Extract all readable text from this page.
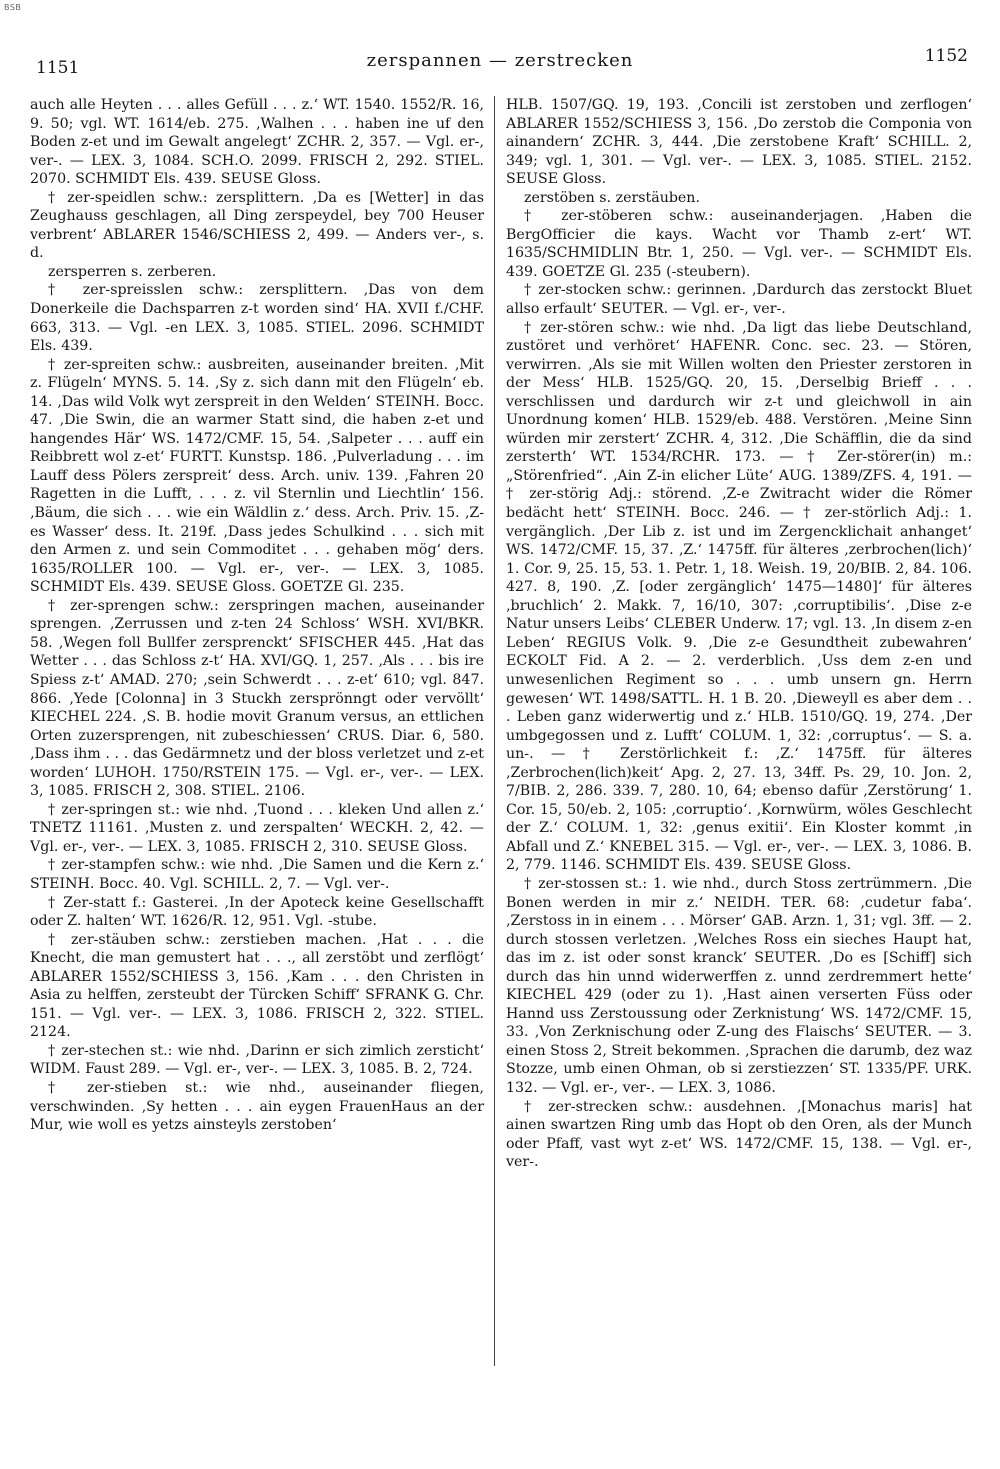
BSB
1151	zerspannen — zerstrecken	1152

auch alle Heyten . . . alles Gefüll . . . z.‘ WT. 1540. 1552/R. 16, 9. 50; vgl. WT. 1614/eb. 275. ‚Walhen . . . haben ine uf den Boden z-et und im Gewalt angelegt‘ ZCHR. 2, 357. — Vgl. er-, ver-. — LEX. 3, 1084. SCH.O. 2099. FRISCH 2, 292. STIEL. 2070. SCHMIDT Els. 439. SEUSE Gloss.

† zer-speidlen schw.: zersplittern. ‚Da es [Wetter] in das Zeughauss geschlagen, all Ding zerspeydel, bey 700 Heuser verbrent‘ ABLARER 1546/SCHIESS 2, 499. — Anders ver-, s. d.

zersperren s. zerberen.

† zer-spreisslen schw.: zersplittern. ‚Das von dem Donerkeile die Dachsparren z-t worden sind‘ HA. XVII f./CHF. 663, 313. — Vgl. -en LEX. 3, 1085. STIEL. 2096. SCHMIDT Els. 439.

† zer-spreiten schw.: ausbreiten, auseinander breiten. ‚Mit z. Flügeln‘ MYNS. 5. 14. ‚Sy z. sich dann mit den Flügeln‘ eb. 14. ‚Das wild Volk wyt zerspreit in den Welden‘ STEINH. Bocc. 47. ‚Die Swin, die an warmer Statt sind, die haben z-et und hangendes Här‘ WS. 1472/CMF. 15, 54. ‚Salpeter . . . auff ein Reibbrett wol z-et‘ FURTT. Kunstsp. 186. ‚Pulverladung . . . im Lauff dess Pölers zerspreit‘ dess. Arch. univ. 139. ‚Fahren 20 Ragetten in die Lufft, . . . z. vil Sternlin und Liechtlin‘ 156. ‚Bäum, die sich . . . wie ein Wäldlin z.‘ dess. Arch. Priv. 15. ‚Z-es Wasser‘ dess. It. 219f. ‚Dass jedes Schulkind . . . sich mit den Armen z. und sein Commoditet . . . gehaben mög‘ ders. 1635/ROLLER 100. — Vgl. er-, ver-. — LEX. 3, 1085. SCHMIDT Els. 439. SEUSE Gloss. GOETZE Gl. 235.

† zer-sprengen schw.: zerspringen machen, auseinander sprengen. ‚Zerrussen und z-ten 24 Schloss‘ WSH. XVI/BKR. 58. ‚Wegen foll Bullfer zersprenckt‘ SFISCHER 445. ‚Hat das Wetter . . . das Schloss z-t‘ HA. XVI/GQ. 1, 257. ‚Als . . . bis ire Spiess z-t‘ AMAD. 270; ‚sein Schwerdt . . . z-et‘ 610; vgl. 847. 866. ‚Yede [Colonna] in 3 Stuckh zersprönngt oder vervöllt‘ KIECHEL 224. ‚S. B. hodie movit Granum versus, an ettlichen Orten zuzersprengen, nit zubeschiessen‘ CRUS. Diar. 6, 580. ‚Dass ihm . . . das Gedärmnetz und der bloss verletzet und z-et worden‘ LUHOH. 1750/RSTEIN 175. — Vgl. er-, ver-. — LEX. 3, 1085. FRISCH 2, 308. STIEL. 2106.

† zer-springen st.: wie nhd. ‚Tuond . . . kleken Und allen z.‘ TNETZ 11161. ‚Musten z. und zerspalten‘ WECKH. 2, 42. — Vgl. er-, ver-. — LEX. 3, 1085. FRISCH 2, 310. SEUSE Gloss.

† zer-stampfen schw.: wie nhd. ‚Die Samen und die Kern z.‘ STEINH. Bocc. 40. Vgl. SCHILL. 2, 7. — Vgl. ver-.

† Zer-statt f.: Gasterei. ‚In der Apoteck keine Gesellschafft oder Z. halten‘ WT. 1626/R. 12, 951. Vgl. -stube.

† zer-stäuben schw.: zerstieben machen. ‚Hat . . . die Knecht, die man gemustert hat . . ., all zerstöbt und zerflögt‘ ABLARER 1552/SCHIESS 3, 156. ‚Kam . . . den Christen in Asia zu helffen, zersteubt der Türcken Schiff‘ SFRANK G. Chr. 151. — Vgl. ver-. — LEX. 3, 1086. FRISCH 2, 322. STIEL. 2124.

† zer-stechen st.: wie nhd. ‚Darinn er sich zimlich zersticht‘ WIDM. Faust 289. — Vgl. er-, ver-. — LEX. 3, 1085. B. 2, 724.

† zer-stieben st.: wie nhd., auseinander fliegen, verschwinden. ‚Sy hetten . . . ain eygen FrauenHaus an der Mur, wie woll es yetzs ainsteyls zerstoben‘

HLB. 1507/GQ. 19, 193. ‚Concili ist zerstoben und zerflogen‘ ABLARER 1552/SCHIESS 3, 156. ‚Do zerstob die Componia von ainandern‘ ZCHR. 3, 444. ‚Die zerstobene Kraft‘ SCHILL. 2, 349; vgl. 1, 301. — Vgl. ver-. — LEX. 3, 1085. STIEL. 2152. SEUSE Gloss.

zerstöben s. zerstäuben.

† zer-stöberen schw.: auseinanderjagen. ‚Haben die BergOfficier die kays. Wacht vor Thamb z-ert‘ WT. 1635/SCHMIDLIN Btr. 1, 250. — Vgl. ver-. — SCHMIDT Els. 439. GOETZE Gl. 235 (-steubern).

† zer-stocken schw.: gerinnen. ‚Dardurch das zerstockt Bluet allso erfault‘ SEUTER. — Vgl. er-, ver-.

† zer-stören schw.: wie nhd. ‚Da ligt das liebe Deutschland, zustöret und verhöret‘ HAFENR. Conc. sec. 23. — Stören, verwirren. ‚Als sie mit Willen wolten den Priester zerstoren in der Mess‘ HLB. 1525/GQ. 20, 15. ‚Derselbig Brieff . . . verschlissen und dardurch wir z-t und gleichwoll in ain Unordnung komen‘ HLB. 1529/eb. 488. Verstören. ‚Meine Sinn würden mir zerstert‘ ZCHR. 4, 312. ‚Die Schäfflin, die da sind zersterth‘ WT. 1534/RCHR. 173. — † Zer-störer(in) m.: „Störenfried“. ‚Ain Z-in elicher Lüte‘ AUG. 1389/ZFS. 4, 191. — † zer-störig Adj.: störend. ‚Z-e Zwitracht wider die Römer bedächt hett‘ STEINH. Bocc. 246. — † zer-störlich Adj.: 1. vergänglich. ‚Der Lib z. ist und im Zergencklichait anhanget‘ WS. 1472/CMF. 15, 37. ‚Z.‘ 1475ff. für älteres ‚zerbrochen(lich)‘ 1. Cor. 9, 25. 15, 53. 1. Petr. 1, 18. Weish. 19, 20/BIB. 2, 84. 106. 427. 8, 190. ‚Z. [oder zergänglich‘ 1475—1480]‘ für älteres ‚bruchlich‘ 2. Makk. 7, 16/10, 307: ‚corruptibilis‘. ‚Dise z-e Natur unsers Leibs‘ CLEBER Underw. 17; vgl. 13. ‚In disem z-en Leben‘ REGIUS Volk. 9. ‚Die z-e Gesundtheit zubewahren‘ ECKOLT Fid. A 2. — 2. verderblich. ‚Uss dem z-en und unwesenlichen Regiment so . . . umb unsern gn. Herrn gewesen‘ WT. 1498/SATTL. H. 1 B. 20. ‚Dieweyll es aber dem . . . Leben ganz widerwertig und z.‘ HLB. 1510/GQ. 19, 274. ‚Der umbgegossen und z. Lufft‘ COLUM. 1, 32: ‚corruptus‘. — S. a. un-. — † Zerstörlichkeit f.: ‚Z.‘ 1475ff. für älteres ‚Zerbrochen(lich)keit‘ Apg. 2, 27. 13, 34ff. Ps. 29, 10. Jon. 2, 7/BIB. 2, 286. 339. 7, 280. 10, 64; ebenso dafür ‚Zerstörung‘ 1. Cor. 15, 50/eb. 2, 105: ‚corruptio‘. ‚Kornwürm, wöles Geschlecht der Z.‘ COLUM. 1, 32: ‚genus exitii‘. Ein Kloster kommt ‚in Abfall und Z.‘ KNEBEL 315. — Vgl. er-, ver-. — LEX. 3, 1086. B. 2, 779. 1146. SCHMIDT Els. 439. SEUSE Gloss.

† zer-stossen st.: 1. wie nhd., durch Stoss zertrümmern. ‚Die Bonen werden in mir z.‘ NEIDH. TER. 68: ‚cudetur faba‘. ‚Zerstoss in in einem . . . Mörser‘ GAB. Arzn. 1, 31; vgl. 3ff. — 2. durch stossen verletzen. ‚Welches Ross ein sieches Haupt hat, das im z. ist oder sonst kranck‘ SEUTER. ‚Do es [Schiff] sich durch das hin unnd widerwerffen z. unnd zerdremmert hette‘ KIECHEL 429 (oder zu 1). ‚Hast ainen verserten Füss oder Hannd uss Zerstoussung oder Zerknistung‘ WS. 1472/CMF. 15, 33. ‚Von Zerknischung oder Z-ung des Flaischs‘ SEUTER. — 3. einen Stoss 2, Streit bekommen. ‚Sprachen die darumb, dez waz Stozze, umb einen Ohman, ob si zerstiezzen‘ ST. 1335/PF. URK. 132. — Vgl. er-, ver-. — LEX. 3, 1086.

† zer-strecken schw.: ausdehnen. ‚[Monachus maris] hat ainen swartzen Ring umb das Hopt ob den Oren, als der Munch oder Pfaff, vast wyt z-et‘ WS. 1472/CMF. 15, 138. — Vgl. er-, ver-.
